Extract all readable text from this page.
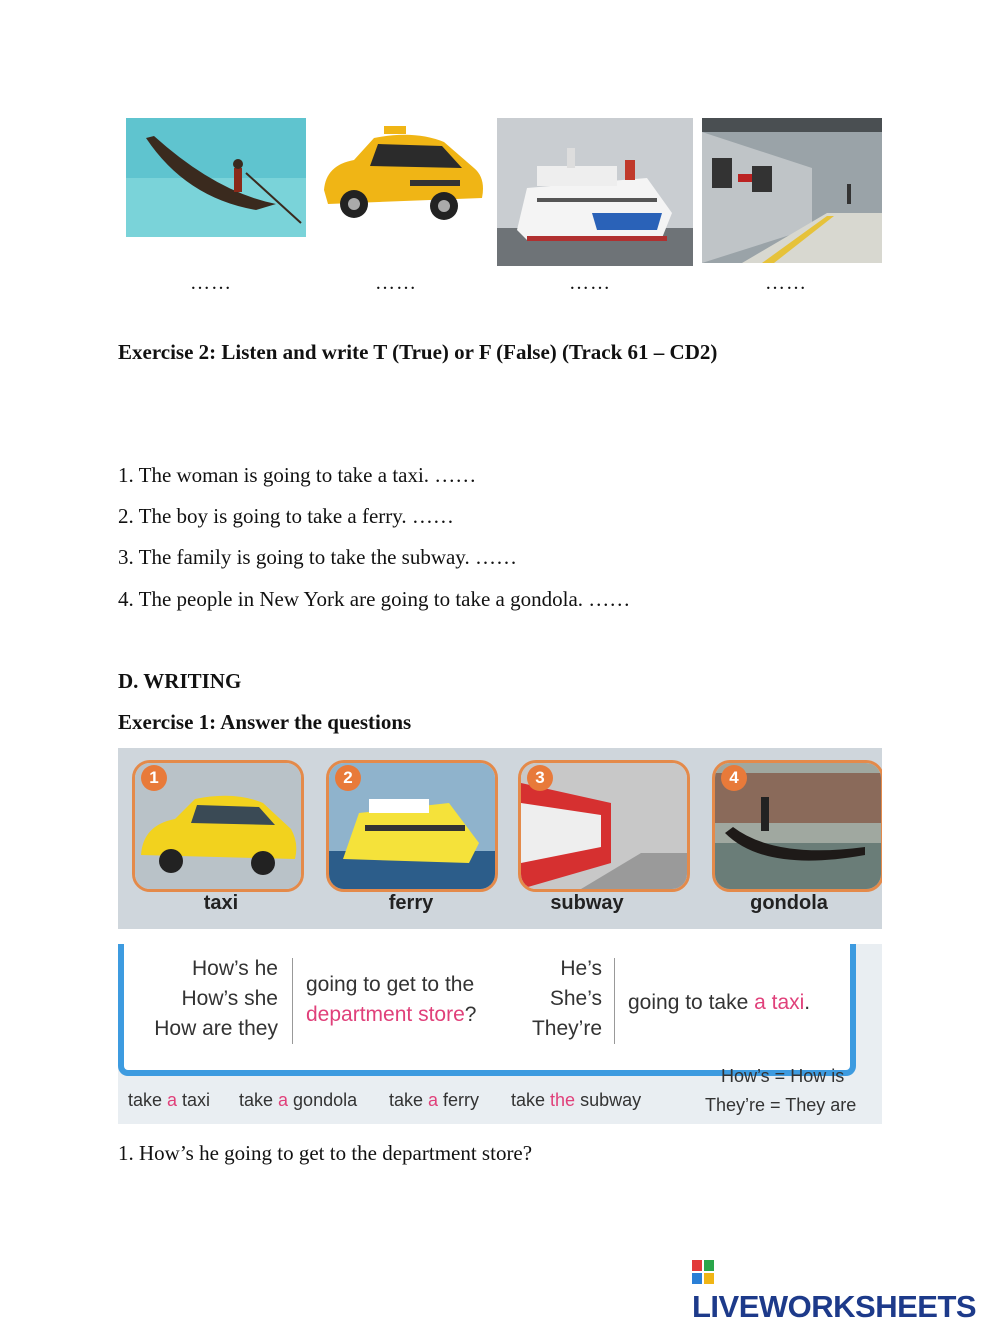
……	……	……	……
Exercise 2: Listen and write T (True) or F (False) (Track 61 – CD2)
1. The woman is going to take a taxi. ……
2. The boy is going to take a ferry. ……
3. The family is going to take the subway. ……
4. The people in New York are going to take a gondola. ……
D. WRITING
Exercise 1: Answer the questions
1
taxi
2
ferry
3
subway
4
gondola
How’s he
How’s she
How are they
going to get to the
department store?
He’s
She’s
They’re
going to take a taxi.
take a taxi take a gondola take a ferry take the subway
How’s = How is
They’re = They are
1. How’s he going to get to the department store?
LIVEWORKSHEETS
